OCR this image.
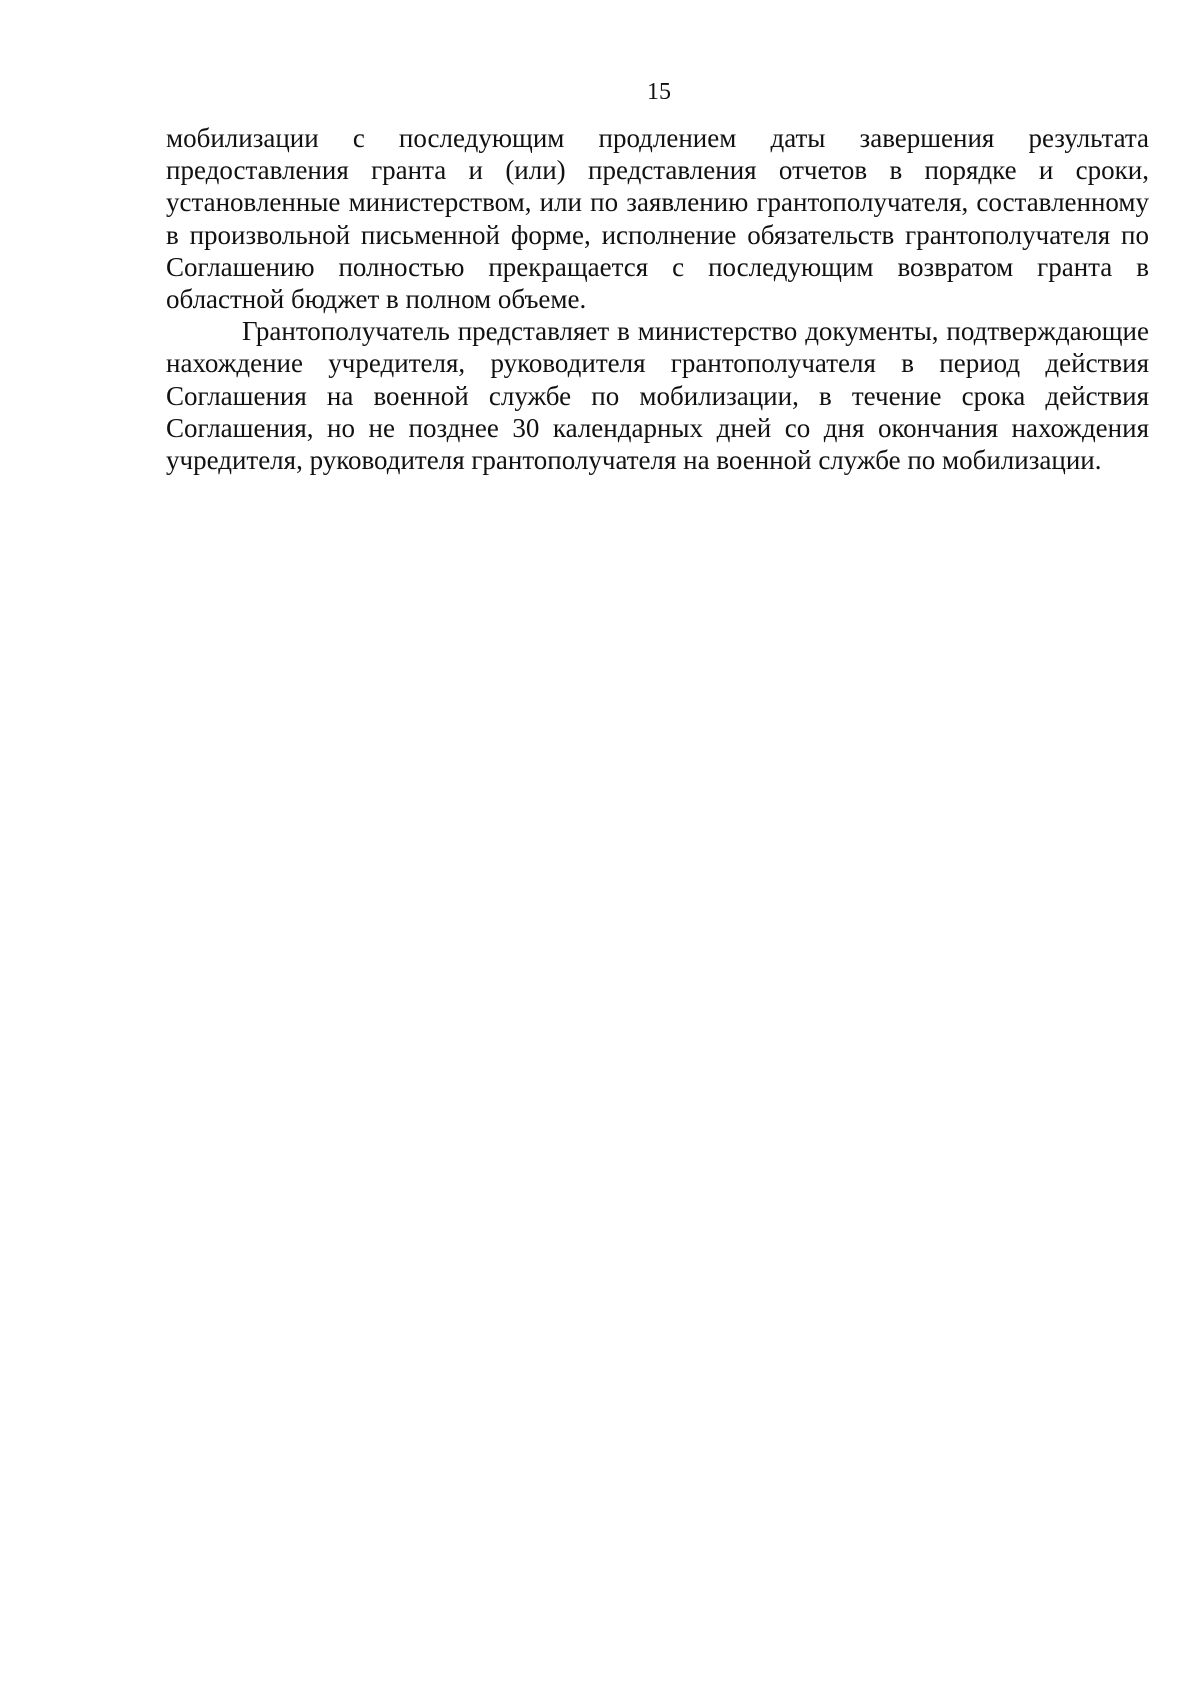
15

мобилизации с последующим продлением даты завершения результата предоставления гранта и (или) представления отчетов в порядке и сроки, установленные министерством, или по заявлению грантополучателя, составленному в произвольной письменной форме, исполнение обязательств грантополучателя по Соглашению полностью прекращается с последующим возвратом гранта в областной бюджет в полном объеме.

Грантополучатель представляет в министерство документы, подтверждающие нахождение учредителя, руководителя грантополучателя в период действия Соглашения на военной службе по мобилизации, в течение срока действия Соглашения, но не позднее 30 календарных дней со дня окончания нахождения учредителя, руководителя грантополучателя на военной службе по мобилизации.
